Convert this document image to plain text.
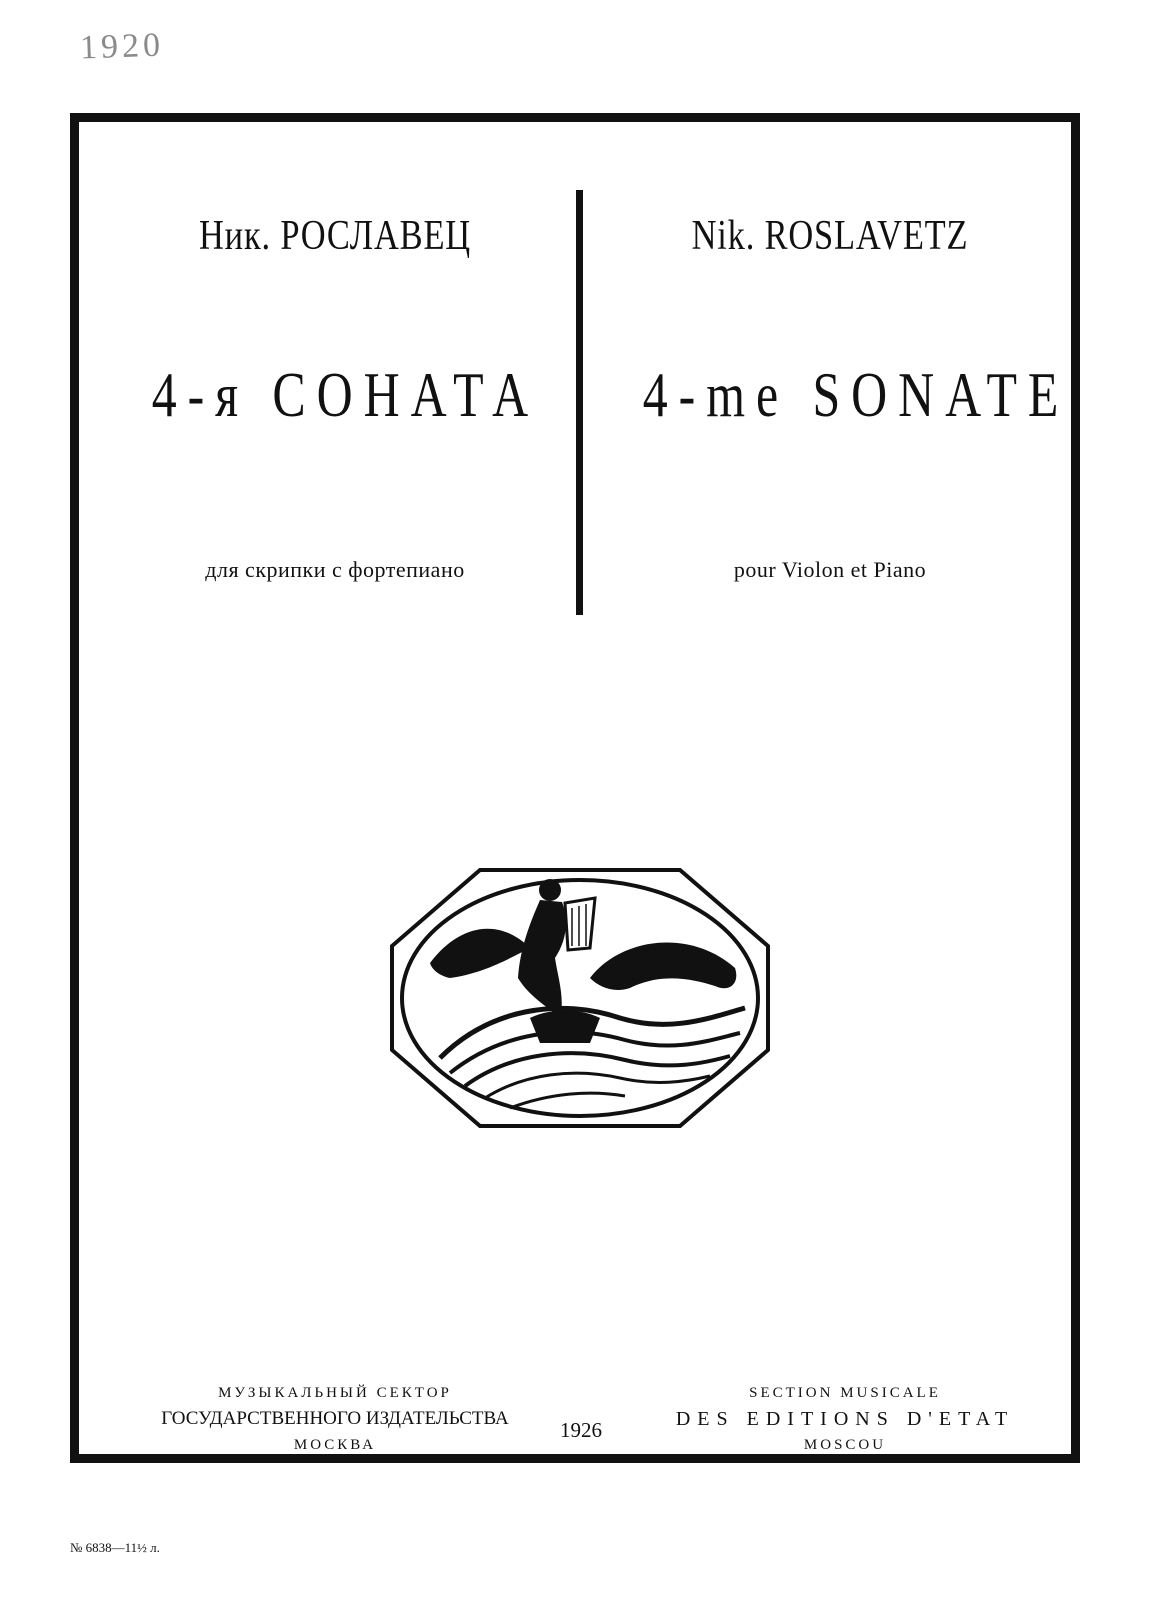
1920
Ник. РОСЛАВЕЦ
4-я СОНАТА
для скрипки с фортепиано
Nik. ROSLAVETZ
4-me SONATE
pour Violon et Piano
МУЗЫКАЛЬНЫЙ СЕКТОР
ГОСУДАРСТВЕННОГО ИЗДАТЕЛЬСТВА
МОСКВА
1926
SECTION MUSICALE
DES EDITIONS D'ETAT
MOSCOU
№ 6838—11½ л.
